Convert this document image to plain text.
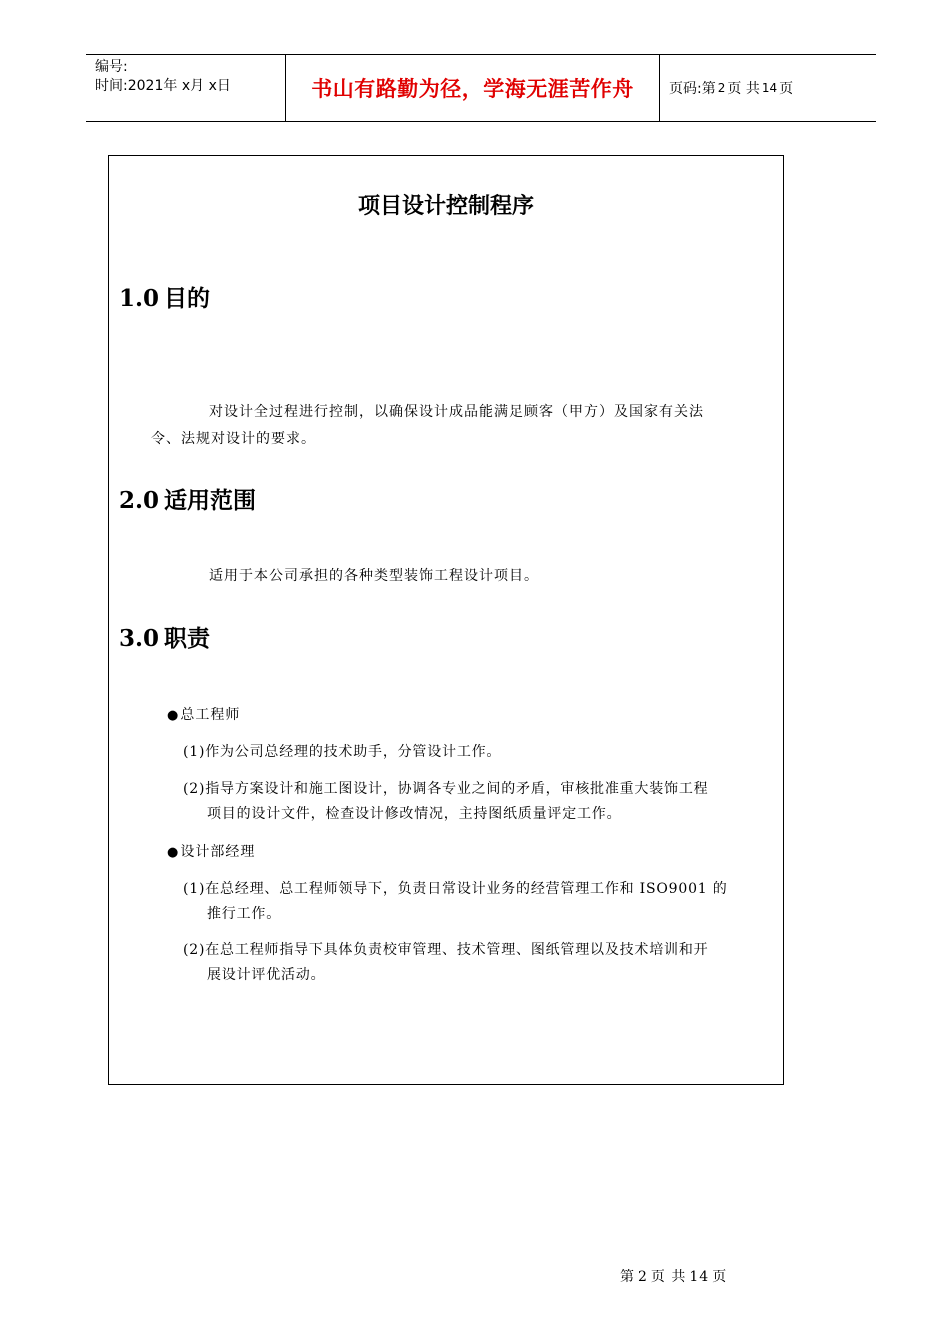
编号:
时间:2021年 x月 x日	书山有路勤为径，学海无涯苦作舟	页码: 第 2 页
共 14 页
项目设计控制程序
1.0 目的
对设计全过程进行控制，以确保设计成品能满足顾客（甲方）及国家有关法
令、法规对设计的要求。
2.0 适用范围
适用于本公司承担的各种类型装饰工程设计项目。
3.0 职责
●总工程师
(1)作为公司总经理的技术助手，分管设计工作。
(2)指导方案设计和施工图设计，协调各专业之间的矛盾，审核批准重大装饰工程
项目的设计文件，检查设计修改情况，主持图纸质量评定工作。
●设计部经理
(1)在总经理、总工程师领导下，负责日常设计业务的经营管理工作和 ISO9001 的
推行工作。
(2)在总工程师指导下具体负责校审管理、技术管理、图纸管理以及技术培训和开
展设计评优活动。
第 2 页 共 14 页
